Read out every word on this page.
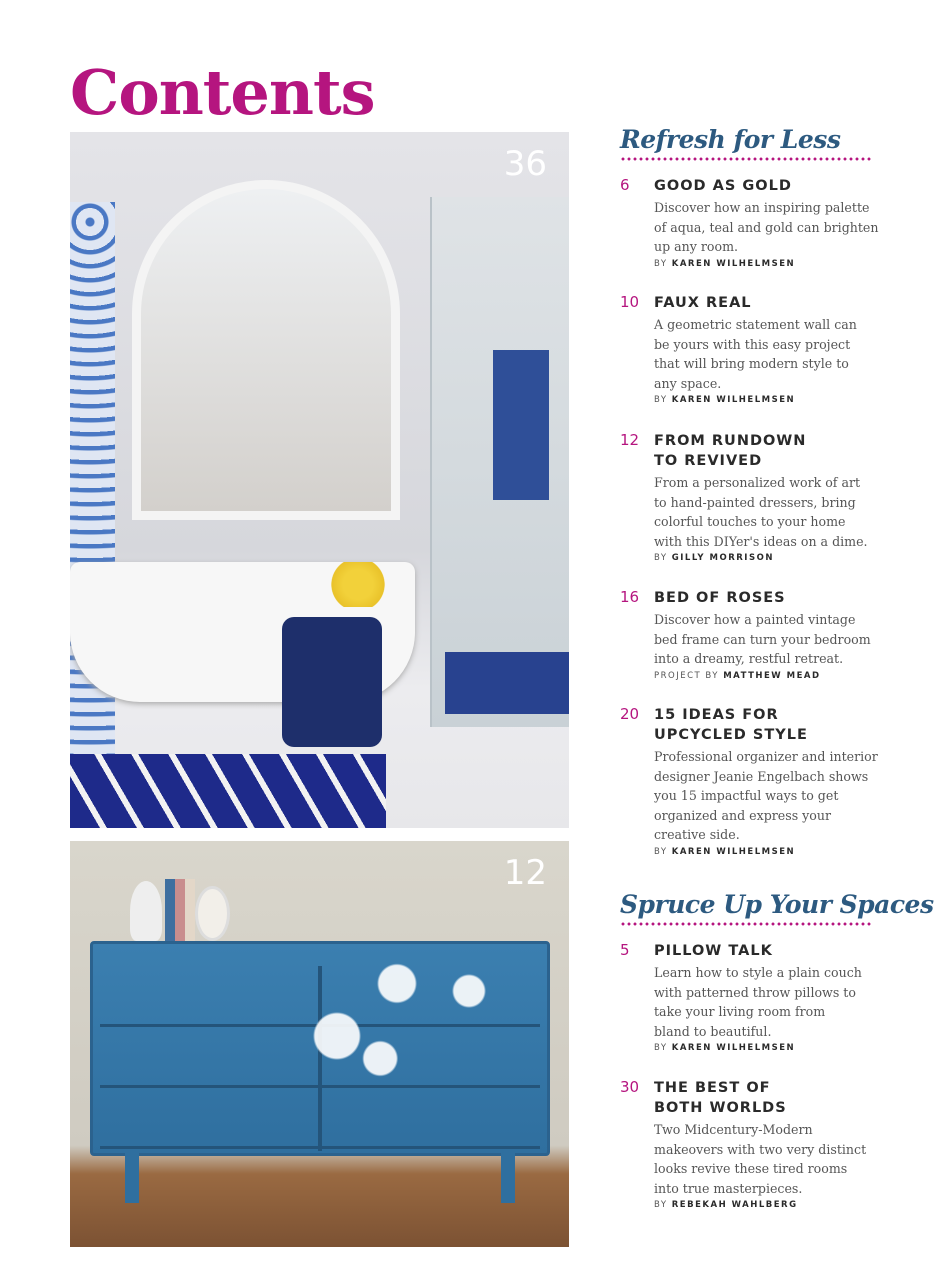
Contents
36
12
Refresh for Less
Spruce Up Your Spaces
6 GOOD AS GOLD
Discover how an inspiring palette
of aqua, teal and gold can brighten
up any room.
BY KAREN WILHELMSEN
10 FAUX REAL
A geometric statement wall can
be yours with this easy project
that will bring modern style to
any space.
BY KAREN WILHELMSEN
12 FROM RUNDOWN
TO REVIVED
From a personalized work of art
to hand-painted dressers, bring
colorful touches to your home
with this DIYer's ideas on a dime.
BY GILLY MORRISON
16 BED OF ROSES
Discover how a painted vintage
bed frame can turn your bedroom
into a dreamy, restful retreat.
PROJECT BY MATTHEW MEAD
20 15 IDEAS FOR
UPCYCLED STYLE
Professional organizer and interior
designer Jeanie Engelbach shows
you 15 impactful ways to get
organized and express your
creative side.
BY KAREN WILHELMSEN
5 PILLOW TALK
Learn how to style a plain couch
with patterned throw pillows to
take your living room from
bland to beautiful.
BY KAREN WILHELMSEN
30 THE BEST OF
BOTH WORLDS
Two Midcentury-Modern
makeovers with two very distinct
looks revive these tired rooms
into true masterpieces.
BY REBEKAH WAHLBERG
